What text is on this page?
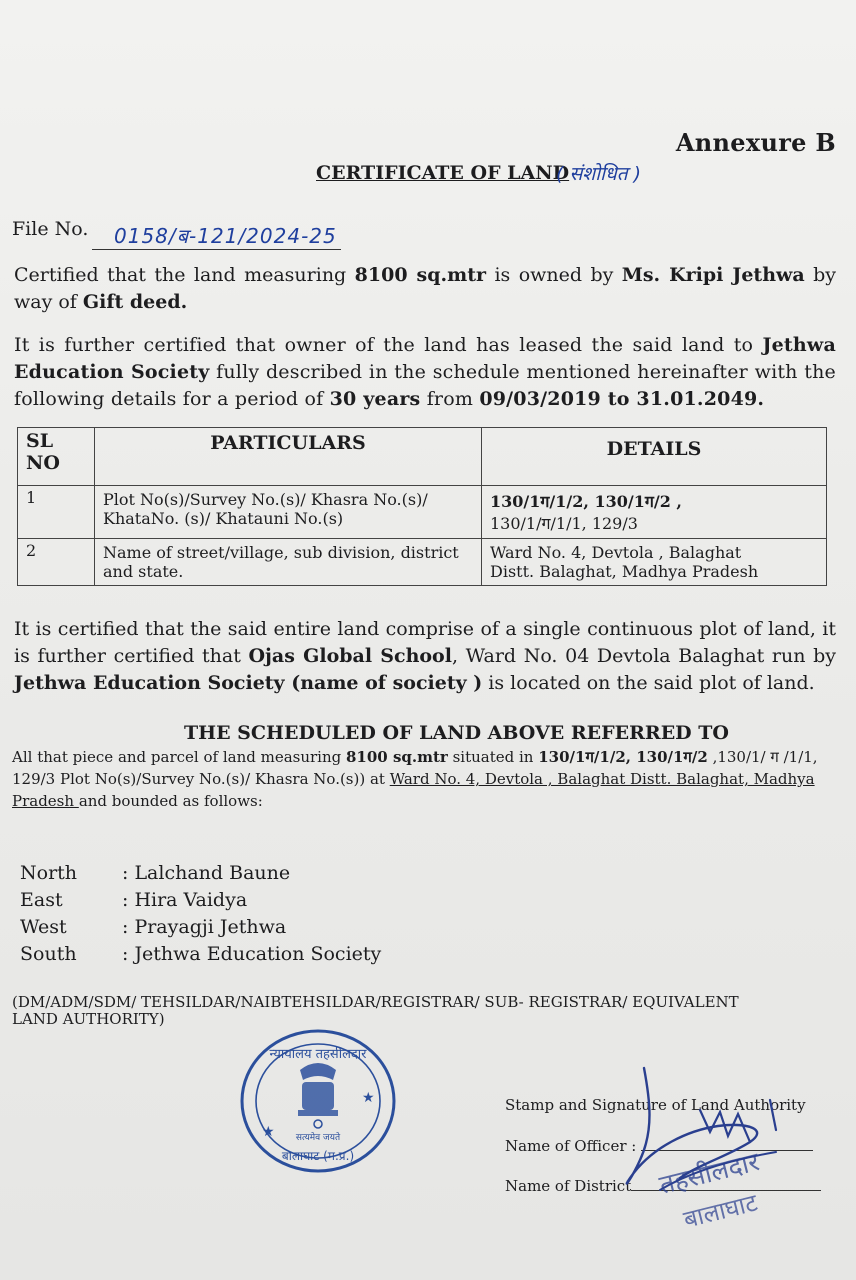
Annexure B
CERTIFICATE OF LAND
( संशोधित )
File No.	0158/ब-121/2024-25
Certified that the land measuring 8100 sq.mtr is owned by Ms. Kripi Jethwa by way of Gift deed.
It is further certified that owner of the land has leased the said land to Jethwa Education Society fully described in the schedule mentioned hereinafter with the following details for a period of 30 years from 09/03/2019 to 31.01.2049.
SL NO	PARTICULARS	DETAILS
1	Plot No(s)/Survey No.(s)/ Khasra No.(s)/ KhataNo. (s)/ Khatauni No.(s)	130/1ग/1/2, 130/1ग/2 ,
130/1/ग/1/1, 129/3

2	Name of street/village, sub division, district and state.	Ward No. 4, Devtola , Balaghat
Distt. Balaghat, Madhya Pradesh
It is certified that the said entire land comprise of a single continuous plot of land, it is further certified that Ojas Global School, Ward No. 04 Devtola Balaghat run by Jethwa Education Society (name of society ) is located on the said plot of land.
THE SCHEDULED OF LAND ABOVE REFERRED TO
All that piece and parcel of land measuring 8100 sq.mtr situated in 130/1ग/1/2, 130/1ग/2 ,130/1/ ग /1/1, 129/3 Plot No(s)/Survey No.(s)/ Khasra No.(s)) at Ward No. 4, Devtola , Balaghat Distt. Balaghat, Madhya Pradesh and bounded as follows:
North	: Lalchand Baune
East	: Hira Vaidya
West	: Prayagji Jethwa
South	: Jethwa Education Society
(DM/ADM/SDM/ TEHSILDAR/NAIBTEHSILDAR/REGISTRAR/ SUB- REGISTRAR/ EQUIVALENT LAND AUTHORITY)
★
★
न्यायालय तहसीलदार
सत्यमेव जयते
बालाघाट (म.प्र.)
Stamp and Signature of Land Authority
Name of Officer :
Name of District तहसीलदार
बालाघाट
